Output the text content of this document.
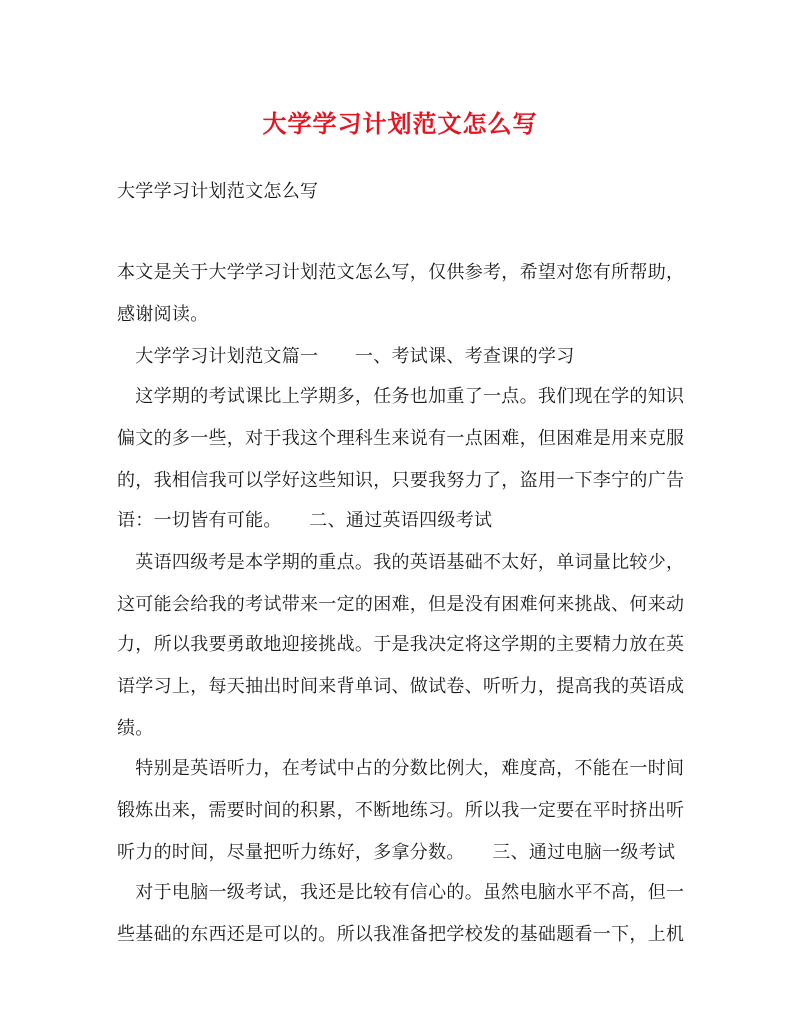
大学学习计划范文怎么写
大学学习计划范文怎么写
本文是关于大学学习计划范文怎么写，仅供参考，希望对您有所帮助，
感谢阅读。
　大学学习计划范文篇一　　一、考试课、考查课的学习
　这学期的考试课比上学期多，任务也加重了一点。我们现在学的知识
偏文的多一些，对于我这个理科生来说有一点困难，但困难是用来克服
的，我相信我可以学好这些知识，只要我努力了，盗用一下李宁的广告
语：一切皆有可能。　　二、通过英语四级考试
　英语四级考是本学期的重点。我的英语基础不太好，单词量比较少，
这可能会给我的考试带来一定的困难，但是没有困难何来挑战、何来动
力，所以我要勇敢地迎接挑战。于是我决定将这学期的主要精力放在英
语学习上，每天抽出时间来背单词、做试卷、听听力，提高我的英语成
绩。
　特别是英语听力，在考试中占的分数比例大，难度高，不能在一时间
锻炼出来，需要时间的积累，不断地练习。所以我一定要在平时挤出听
听力的时间，尽量把听力练好，多拿分数。　　三、通过电脑一级考试
　对于电脑一级考试，我还是比较有信心的。虽然电脑水平不高，但一
些基础的东西还是可以的。所以我准备把学校发的基础题看一下，上机
